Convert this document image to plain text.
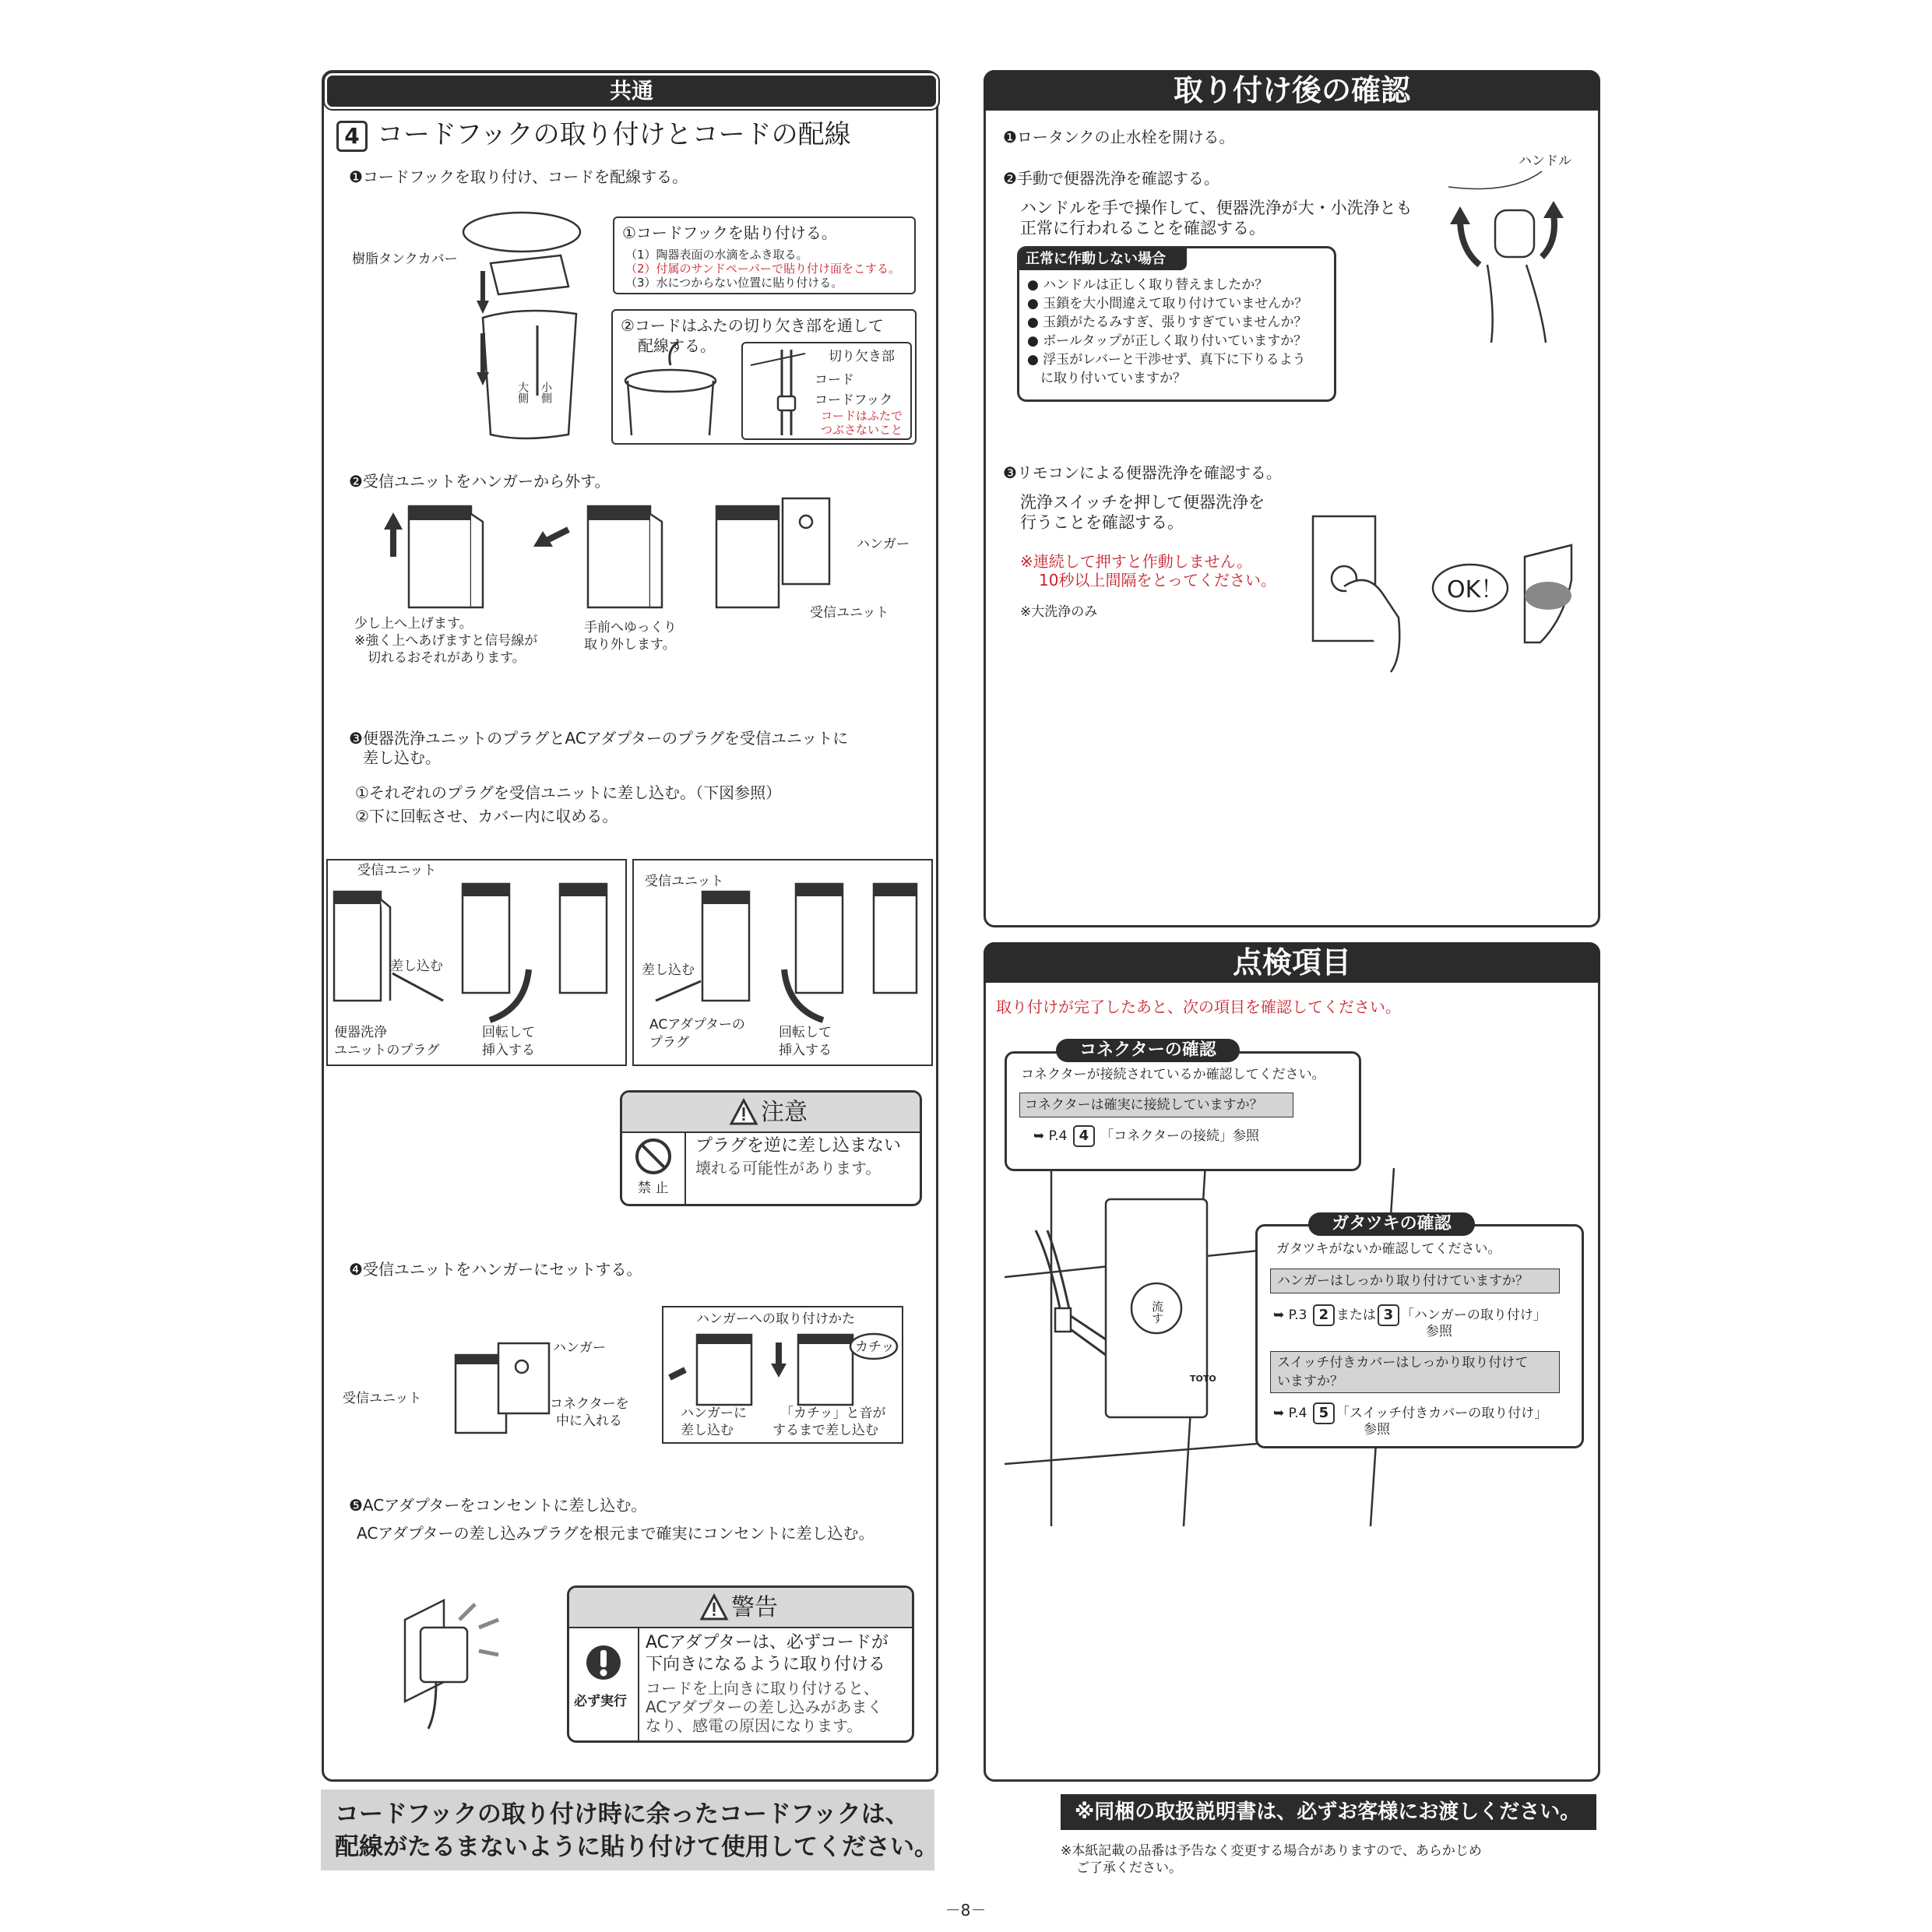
共通
4 コードフックの取り付けとコードの配線
❶コードフックを取り付け、コードを配線する。
樹脂タンクカバー
大側 小側
①コードフックを貼り付ける。
（1）陶器表面の水滴をふき取る。
（2）付属のサンドペーパーで貼り付け面をこする。
（3）水につからない位置に貼り付ける。
②コードはふたの切り欠き部を通して
配線する。
切り欠き部
コード
コードフック
コードはふたで
つぶさないこと
❷受信ユニットをハンガーから外す。
ハンガー
受信ユニット
少し上へ上げます。
※強く上へあげますと信号線が
切れるおそれがあります。
手前へゆっくり
取り外します。
❸便器洗浄ユニットのプラグとACアダプターのプラグを受信ユニットに
差し込む。
①それぞれのプラグを受信ユニットに差し込む。（下図参照）
②下に回転させ、カバー内に収める。
受信ユニット
差し込む
便器洗浄
ユニットのプラグ
回転して
挿入する
受信ユニット
差し込む
ACアダプターの
プラグ
回転して
挿入する
注意
禁 止
プラグを逆に差し込まない
壊れる可能性があります。
❹受信ユニットをハンガーにセットする。
受信ユニット
ハンガー
コネクターを
中に入れる
ハンガーへの取り付けかた
カチッ
ハンガーに
差し込む
「カチッ」と音が
するまで差し込む
❺ACアダプターをコンセントに差し込む。
ACアダプターの差し込みプラグを根元まで確実にコンセントに差し込む。
警告
必ず実行
ACアダプターは、必ずコードが
下向きになるように取り付ける
コードを上向きに取り付けると、
ACアダプターの差し込みがあまく
なり、感電の原因になります。
コードフックの取り付け時に余ったコードフックは、
配線がたるまないように貼り付けて使用してください。
取り付け後の確認
❶ロータンクの止水栓を開ける。
❷手動で便器洗浄を確認する。
ハンドルを手で操作して、便器洗浄が大・小洗浄とも
正常に行われることを確認する。
ハンドル
正常に作動しない場合
● ハンドルは正しく取り替えましたか？
● 玉鎖を大小間違えて取り付けていませんか？
● 玉鎖がたるみすぎ、張りすぎていませんか？
● ボールタップが正しく取り付いていますか？
● 浮玉がレバーと干渉せず、真下に下りるよう
　に取り付いていますか？
❸リモコンによる便器洗浄を確認する。
洗浄スイッチを押して便器洗浄を
行うことを確認する。
※連続して押すと作動しません。
10秒以上間隔をとってください。
※大洗浄のみ
OK！
点検項目
取り付けが完了したあと、次の項目を確認してください。
流す
TOTO
コネクターが接続されているか確認してください。
コネクターは確実に接続していますか？
➥ P.4 4 「コネクターの接続」参照
コネクターの確認
ガタツキがないか確認してください。
ハンガーはしっかり取り付けていますか？
➥ P.3 2 または 3 「ハンガーの取り付け」
参照
スイッチ付きカバーはしっかり取り付けて
いますか？
➥ P.4 5 「スイッチ付きカバーの取り付け」
参照
ガタツキの確認
※同梱の取扱説明書は、必ずお客様にお渡しください。
※本紙記載の品番は予告なく変更する場合がありますので、あらかじめ
ご了承ください。
－8－
